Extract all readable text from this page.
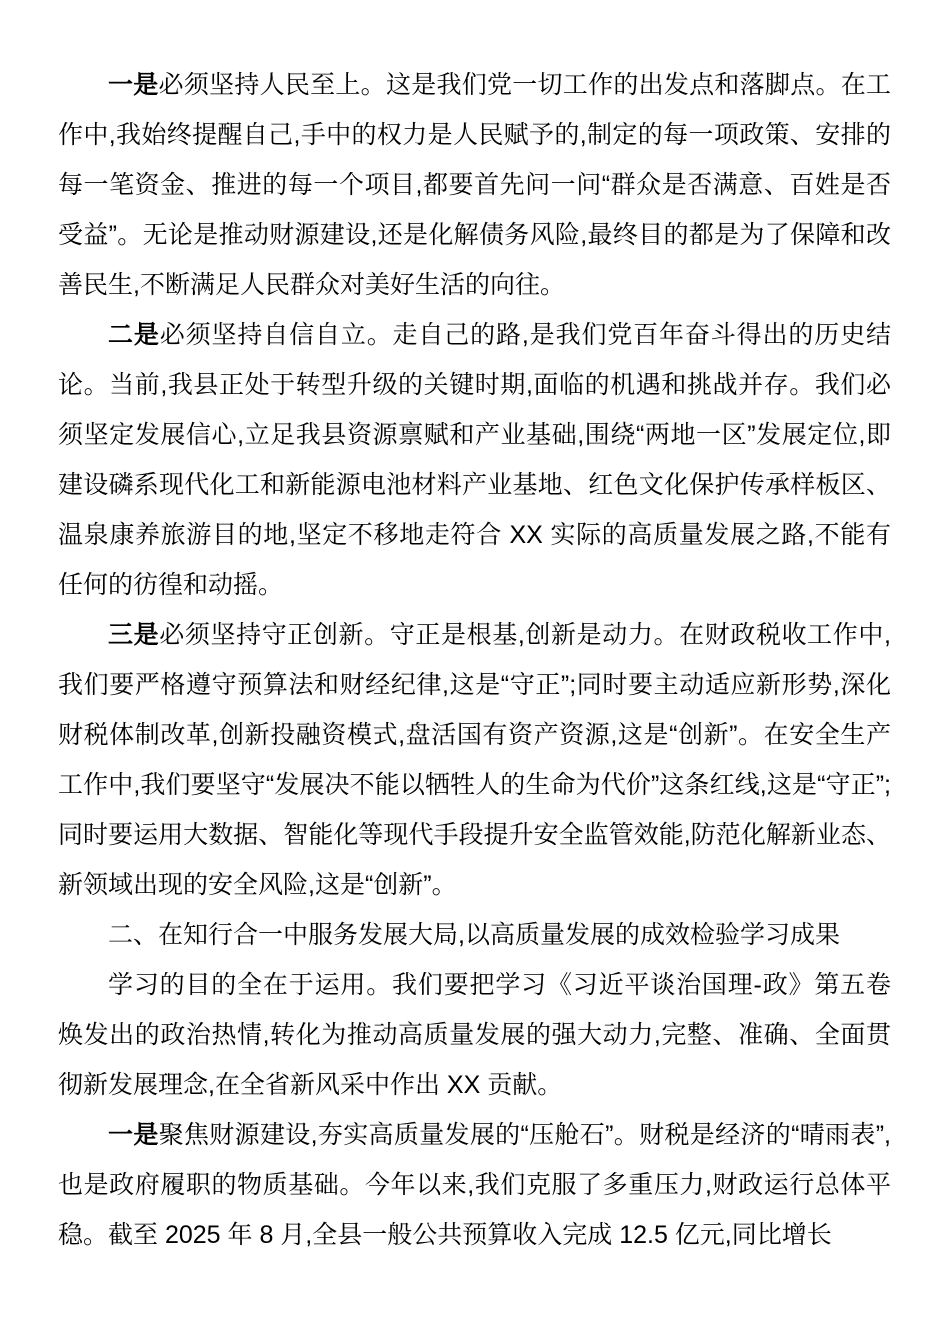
一是必须坚持人民至上。这是我们党一切工作的出发点和落脚点。在工作中,我始终提醒自己,手中的权力是人民赋予的,制定的每一项政策、安排的每一笔资金、推进的每一个项目,都要首先问一问“群众是否满意、百姓是否受益”。无论是推动财源建设,还是化解债务风险,最终目的都是为了保障和改善民生,不断满足人民群众对美好生活的向往。

二是必须坚持自信自立。走自己的路,是我们党百年奋斗得出的历史结论。当前,我县正处于转型升级的关键时期,面临的机遇和挑战并存。我们必须坚定发展信心,立足我县资源禀赋和产业基础,围绕“两地一区”发展定位,即建设磷系现代化工和新能源电池材料产业基地、红色文化保护传承样板区、温泉康养旅游目的地,坚定不移地走符合 XX 实际的高质量发展之路,不能有任何的彷徨和动摇。

三是必须坚持守正创新。守正是根基,创新是动力。在财政税收工作中,我们要严格遵守预算法和财经纪律,这是“守正”;同时要主动适应新形势,深化财税体制改革,创新投融资模式,盘活国有资产资源,这是“创新”。在安全生产工作中,我们要坚守“发展决不能以牺牲人的生命为代价”这条红线,这是“守正”;同时要运用大数据、智能化等现代手段提升安全监管效能,防范化解新业态、新领域出现的安全风险,这是“创新”。

二、在知行合一中服务发展大局,以高质量发展的成效检验学习成果

学习的目的全在于运用。我们要把学习《习近平谈治国理-政》第五卷焕发出的政治热情,转化为推动高质量发展的强大动力,完整、准确、全面贯彻新发展理念,在全省新风采中作出 XX 贡献。

一是聚焦财源建设,夯实高质量发展的“压舱石”。财税是经济的“晴雨表”,也是政府履职的物质基础。今年以来,我们克服了多重压力,财政运行总体平稳。截至 2025 年 8 月,全县一般公共预算收入完成 12.5 亿元,同比增长
